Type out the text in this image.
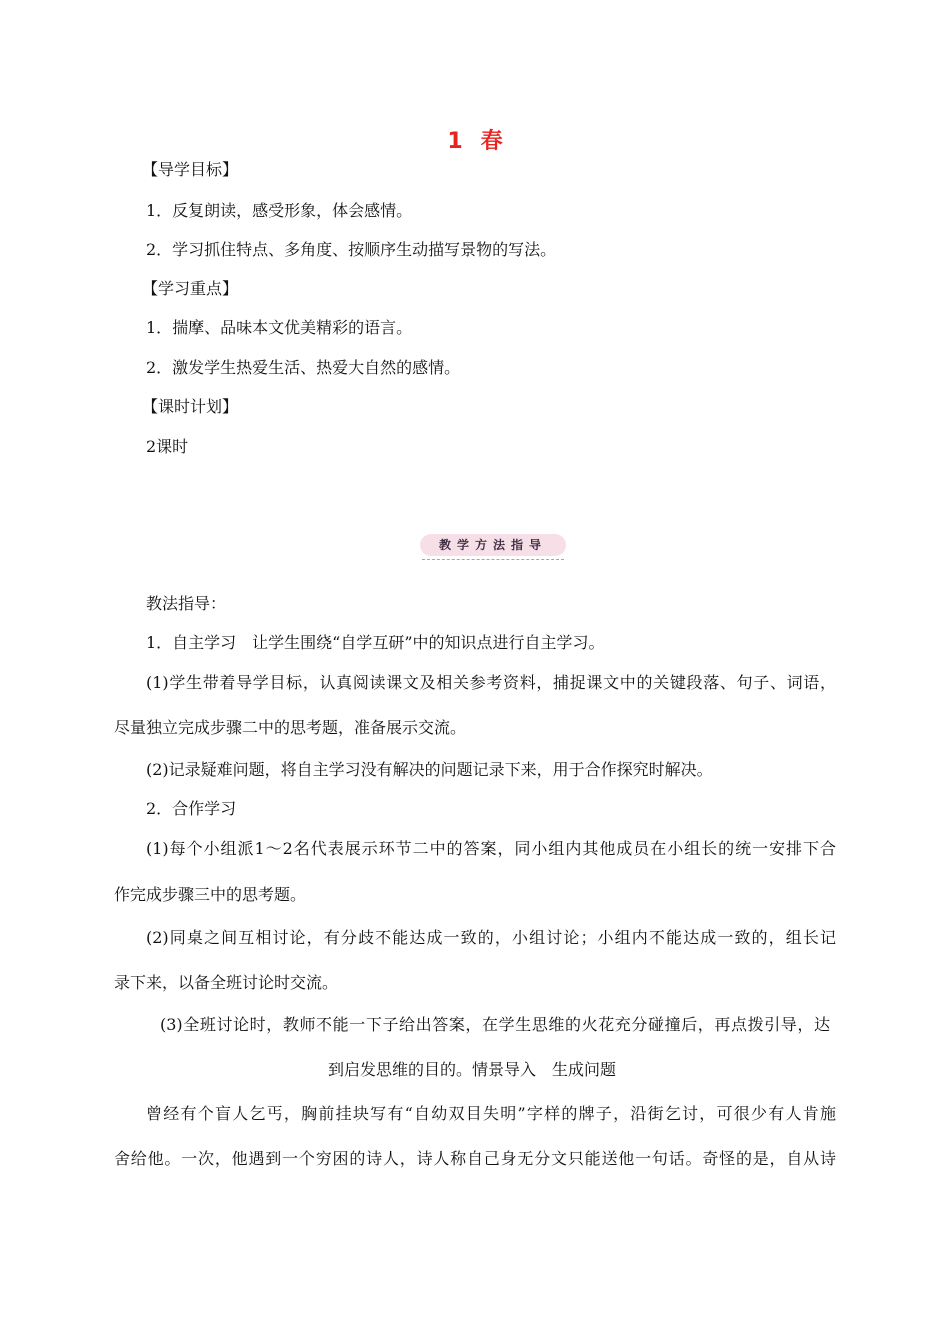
1 春
【导学目标】
1．反复朗读，感受形象，体会感情。
2．学习抓住特点、多角度、按顺序生动描写景物的写法。
【学习重点】
1．揣摩、品味本文优美精彩的语言。
2．激发学生热爱生活、热爱大自然的感情。
【课时计划】
2课时
教学方法指导
教法指导：
1．自主学习　让学生围绕“自学互研”中的知识点进行自主学习。
(1)学生带着导学目标，认真阅读课文及相关参考资料，捕捉课文中的关键段落、句子、词语，
尽量独立完成步骤二中的思考题，准备展示交流。
(2)记录疑难问题，将自主学习没有解决的问题记录下来，用于合作探究时解决。
2．合作学习
(1)每个小组派1～2名代表展示环节二中的答案，同小组内其他成员在小组长的统一安排下合
作完成步骤三中的思考题。
(2)同桌之间互相讨论，有分歧不能达成一致的，小组讨论；小组内不能达成一致的，组长记
录下来，以备全班讨论时交流。
(3)全班讨论时，教师不能一下子给出答案，在学生思维的火花充分碰撞后，再点拨引导，达
到启发思维的目的。情景导入　生成问题
曾经有个盲人乞丐，胸前挂块写有“自幼双目失明”字样的牌子，沿街乞讨，可很少有人肯施
舍给他。一次，他遇到一个穷困的诗人，诗人称自己身无分文只能送他一句话。奇怪的是，自从诗
